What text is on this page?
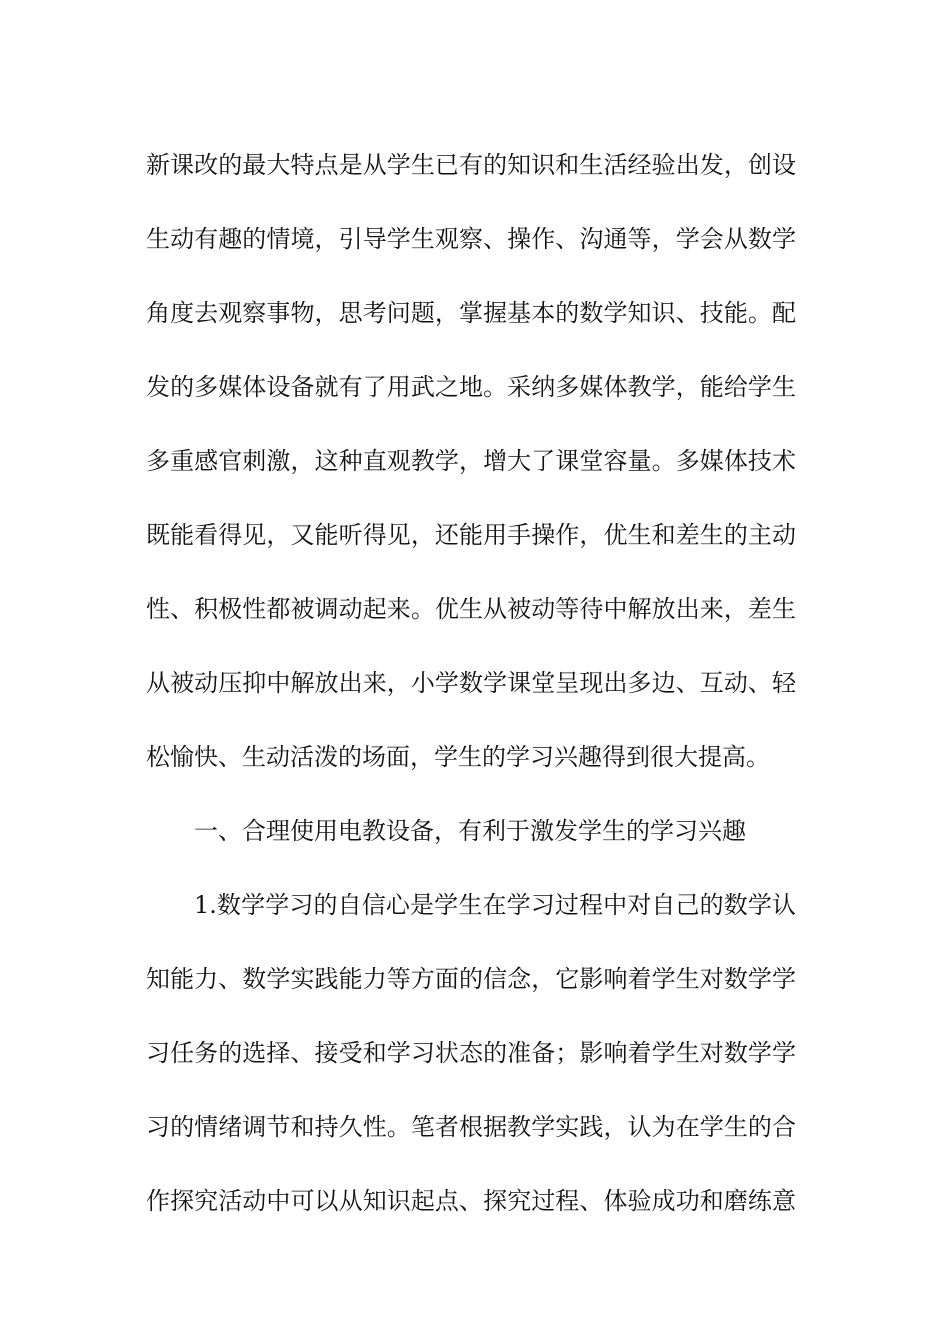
新课改的最大特点是从学生已有的知识和生活经验出发，创设
生动有趣的情境，引导学生观察、操作、沟通等，学会从数学
角度去观察事物，思考问题，掌握基本的数学知识、技能。配
发的多媒体设备就有了用武之地。采纳多媒体教学，能给学生
多重感官刺激，这种直观教学，增大了课堂容量。多媒体技术
既能看得见，又能听得见，还能用手操作，优生和差生的主动
性、积极性都被调动起来。优生从被动等待中解放出来，差生
从被动压抑中解放出来，小学数学课堂呈现出多边、互动、轻
松愉快、生动活泼的场面，学生的学习兴趣得到很大提高。
一、合理使用电教设备，有利于激发学生的学习兴趣
1.数学学习的自信心是学生在学习过程中对自己的数学认
知能力、数学实践能力等方面的信念，它影响着学生对数学学
习任务的选择、接受和学习状态的准备；影响着学生对数学学
习的情绪调节和持久性。笔者根据教学实践，认为在学生的合
作探究活动中可以从知识起点、探究过程、体验成功和磨练意
